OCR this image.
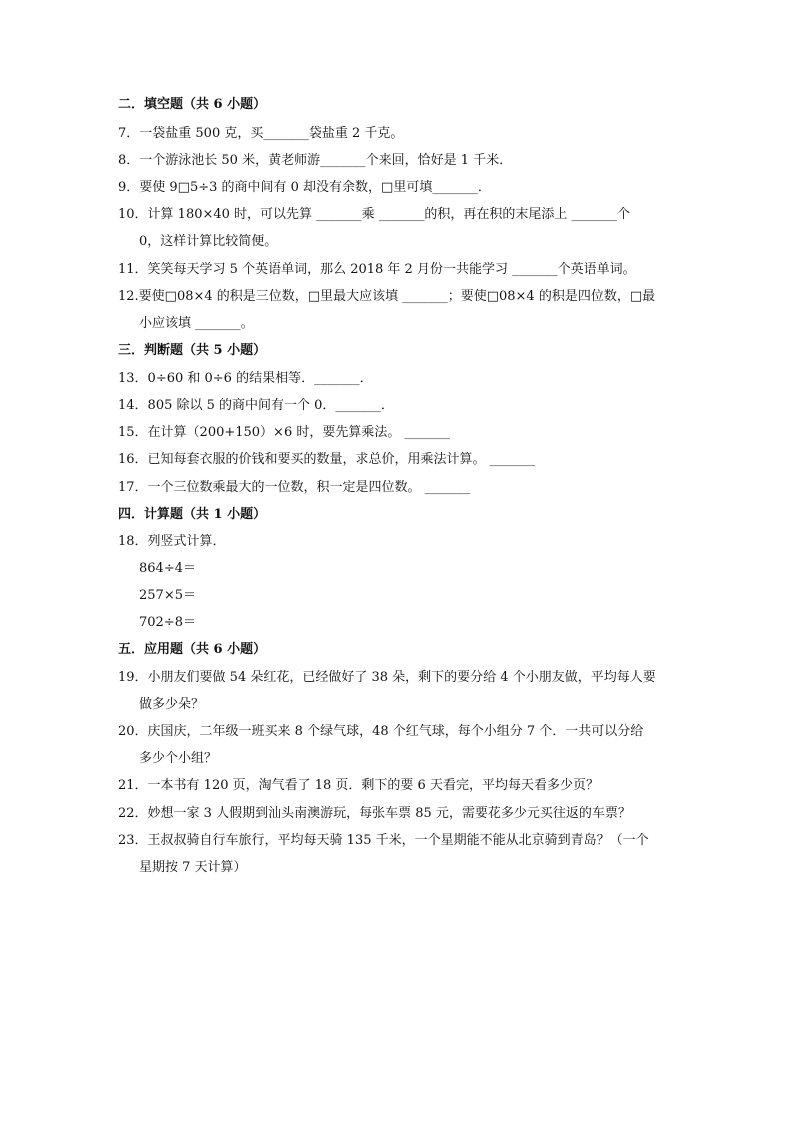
二．填空题（共 6 小题）
7．一袋盐重 500 克，买_______袋盐重 2 千克。
8．一个游泳池长 50 米，黄老师游_______个来回，恰好是 1 千米．
9．要使 9□5÷3 的商中间有 0 却没有余数，□里可填_______．
10．计算 180×40 时，可以先算 _______乘 _______的积，再在积的末尾添上 _______个
0，这样计算比较简便。
11．笑笑每天学习 5 个英语单词，那么 2018 年 2 月份一共能学习 _______个英语单词。
12.要使□08×4 的积是三位数，□里最大应该填 _______；要使□08×4 的积是四位数，□最
小应该填 _______。
三．判断题（共 5 小题）
13．0÷60 和 0÷6 的结果相等．_______．
14．805 除以 5 的商中间有一个 0．_______．
15．在计算（200+150）×6 时，要先算乘法。 _______
16．已知每套衣服的价钱和要买的数量，求总价，用乘法计算。 _______
17．一个三位数乘最大的一位数，积一定是四位数。 _______
四．计算题（共 1 小题）
18．列竖式计算．
864÷4＝
257×5＝
702÷8＝
五．应用题（共 6 小题）
19．小朋友们要做 54 朵红花，已经做好了 38 朵，剩下的要分给 4 个小朋友做，平均每人要
做多少朵？
20．庆国庆，二年级一班买来 8 个绿气球，48 个红气球，每个小组分 7 个．一共可以分给
多少个小组？
21．一本书有 120 页，淘气看了 18 页．剩下的要 6 天看完，平均每天看多少页？
22．妙想一家 3 人假期到汕头南澳游玩，每张车票 85 元，需要花多少元买往返的车票？
23．王叔叔骑自行车旅行，平均每天骑 135 千米，一个星期能不能从北京骑到青岛？（一个
星期按 7 天计算）
